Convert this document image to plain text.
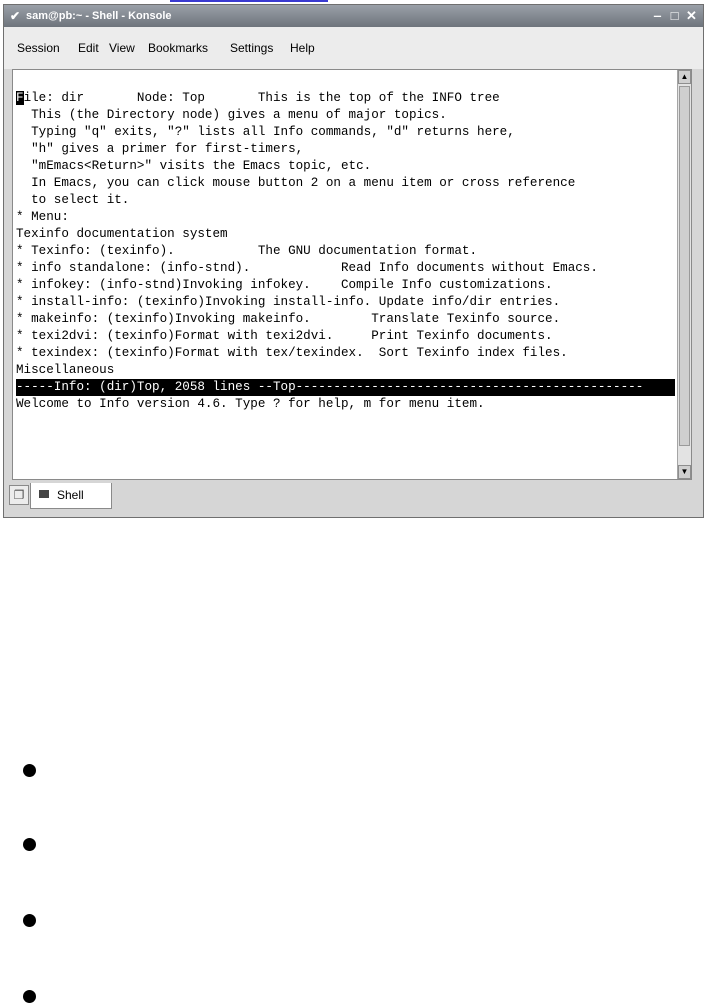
✔ sam@pb:~ - Shell - Konsole	‒ □ ✕
Session Edit View Bookmarks Settings Help

File: dir       Node: Top       This is the top of the INFO tree
This (the Directory node) gives a menu of major topics.
Typing "q" exits, "?" lists all Info commands, "d" returns here,
"h" gives a primer for first-timers,
"mEmacs<Return>" visits the Emacs topic, etc.
In Emacs, you can click mouse button 2 on a menu item or cross reference
to select it.
* Menu:
Texinfo documentation system
* Texinfo: (texinfo).           The GNU documentation format.
* info standalone: (info-stnd).            Read Info documents without Emacs.
* infokey: (info-stnd)Invoking infokey.    Compile Info customizations.
* install-info: (texinfo)Invoking install-info. Update info/dir entries.
* makeinfo: (texinfo)Invoking makeinfo.        Translate Texinfo source.
* texi2dvi: (texinfo)Format with texi2dvi.     Print Texinfo documents.
* texindex: (texinfo)Format with tex/texindex.  Sort Texinfo index files.
Miscellaneous
-----Info: (dir)Top, 2058 lines --Top----------------------------------------------
Welcome to Info version 4.6. Type ? for help, m for menu item.

▲
▼
❐	Shell
